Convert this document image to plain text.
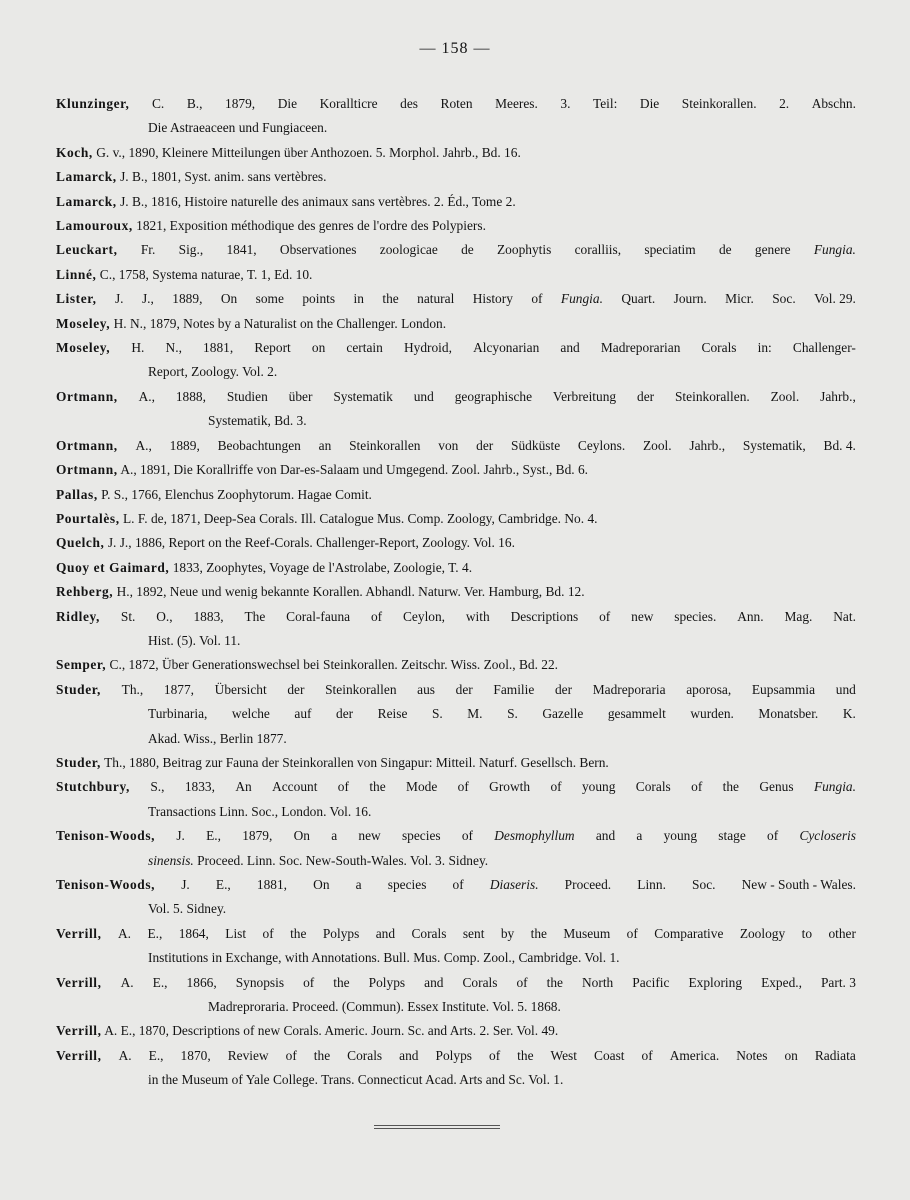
— 158 —

Klunzinger, C. B., 1879, Die Korallticre des Roten Meeres. 3. Teil: Die Steinkorallen. 2. Abschn.
Die Astraeaceen und Fungiaceen.

Koch, G. v., 1890, Kleinere Mitteilungen über Anthozoen. 5. Morphol. Jahrb., Bd. 16.

Lamarck, J. B., 1801, Syst. anim. sans vertèbres.

Lamarck, J. B., 1816, Histoire naturelle des animaux sans vertèbres. 2. Éd., Tome 2.

Lamouroux, 1821, Exposition méthodique des genres de l'ordre des Polypiers.

Leuckart, Fr. Sig., 1841, Observationes zoologicae de Zoophytis coralliis, speciatim de genere Fungia.

Linné, C., 1758, Systema naturae, T. 1, Ed. 10.

Lister, J. J., 1889, On some points in the natural History of Fungia. Quart. Journ. Micr. Soc. Vol. 29.

Moseley, H. N., 1879, Notes by a Naturalist on the Challenger. London.

Moseley, H. N., 1881, Report on certain Hydroid, Alcyonarian and Madreporarian Corals in: Challenger-
Report, Zoology. Vol. 2.

Ortmann, A., 1888, Studien über Systematik und geographische Verbreitung der Steinkorallen. Zool. Jahrb.,
Systematik, Bd. 3.

Ortmann, A., 1889, Beobachtungen an Steinkorallen von der Südküste Ceylons. Zool. Jahrb., Systematik, Bd. 4.

Ortmann, A., 1891, Die Korallriffe von Dar-es-Salaam und Umgegend. Zool. Jahrb., Syst., Bd. 6.

Pallas, P. S., 1766, Elenchus Zoophytorum. Hagae Comit.

Pourtalès, L. F. de, 1871, Deep-Sea Corals. Ill. Catalogue Mus. Comp. Zoology, Cambridge. No. 4.

Quelch, J. J., 1886, Report on the Reef-Corals. Challenger-Report, Zoology. Vol. 16.

Quoy et Gaimard, 1833, Zoophytes, Voyage de l'Astrolabe, Zoologie, T. 4.

Rehberg, H., 1892, Neue und wenig bekannte Korallen. Abhandl. Naturw. Ver. Hamburg, Bd. 12.

Ridley, St. O., 1883, The Coral-fauna of Ceylon, with Descriptions of new species. Ann. Mag. Nat.
Hist. (5). Vol. 11.

Semper, C., 1872, Über Generationswechsel bei Steinkorallen. Zeitschr. Wiss. Zool., Bd. 22.

Studer, Th., 1877, Übersicht der Steinkorallen aus der Familie der Madreporaria aporosa, Eupsammia und
Turbinaria, welche auf der Reise S. M. S. Gazelle gesammelt wurden. Monatsber. K.
Akad. Wiss., Berlin 1877.

Studer, Th., 1880, Beitrag zur Fauna der Steinkorallen von Singapur: Mitteil. Naturf. Gesellsch. Bern.

Stutchbury, S., 1833, An Account of the Mode of Growth of young Corals of the Genus Fungia.
Transactions Linn. Soc., London. Vol. 16.

Tenison-Woods, J. E., 1879, On a new species of Desmophyllum and a young stage of Cycloseris
sinensis. Proceed. Linn. Soc. New-South-Wales. Vol. 3. Sidney.

Tenison-Woods, J. E., 1881, On a species of Diaseris. Proceed. Linn. Soc. New - South - Wales.
Vol. 5. Sidney.

Verrill, A. E., 1864, List of the Polyps and Corals sent by the Museum of Comparative Zoology to other
Institutions in Exchange, with Annotations. Bull. Mus. Comp. Zool., Cambridge. Vol. 1.

Verrill, A. E., 1866, Synopsis of the Polyps and Corals of the North Pacific Exploring Exped., Part. 3
Madreproraria. Proceed. (Commun). Essex Institute. Vol. 5. 1868.

Verrill, A. E., 1870, Descriptions of new Corals. Americ. Journ. Sc. and Arts. 2. Ser. Vol. 49.

Verrill, A. E., 1870, Review of the Corals and Polyps of the West Coast of America. Notes on Radiata
in the Museum of Yale College. Trans. Connecticut Acad. Arts and Sc. Vol. 1.
